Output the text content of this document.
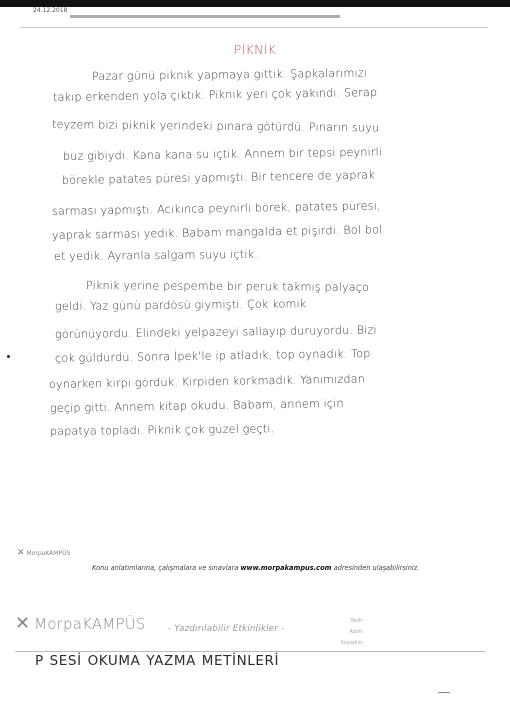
24.12.2018
PİKNİK

Pazar günü piknik yapmaya gittik. Şapkalarımızı

takıp erkenden yola çıktık. Piknik yeri çok yakındı. Serap

teyzem bizi piknik yerindeki pınara götürdü. Pınarın suyu

buz gibiydi. Kana kana su içtik. Annem bir tepsi peynirli

börekle patates püresi yapmıştı. Bir tencere de yaprak

sarması yapmıştı. Acıkınca peynirli börek, patates püresi,

yaprak sarması yedik. Babam mangalda et pişirdi. Bol bol

et yedik. Ayranla salgam suyu içtik.

Piknik yerine pespembe bir peruk takmış palyaço

geldi. Yaz günü pardösü giymişti. Çok komik

görünüyordu. Elindeki yelpazeyi sallayıp duruyordu. Bizi

çok güldürdü. Sonra İpek'le ip atladık, top oynadık. Top

oynarken kirpi gördük. Kirpiden korkmadık. Yanımızdan

geçip gitti. Annem kitap okudu. Babam, annem için

papatya topladı. Piknik çok güzel geçti.

✕ MorpaKAMPÜS
Konu anlatımlarına, çalışmalara ve sınavlara www.morpakampus.com adresinden ulaşabilirsiniz.
✕ MorpaKAMPÜS	- Yazdırılabilir Etkinlikler -
Tarih:
Adım:
Soyadım:
P SESİ OKUMA YAZMA METİNLERİ
